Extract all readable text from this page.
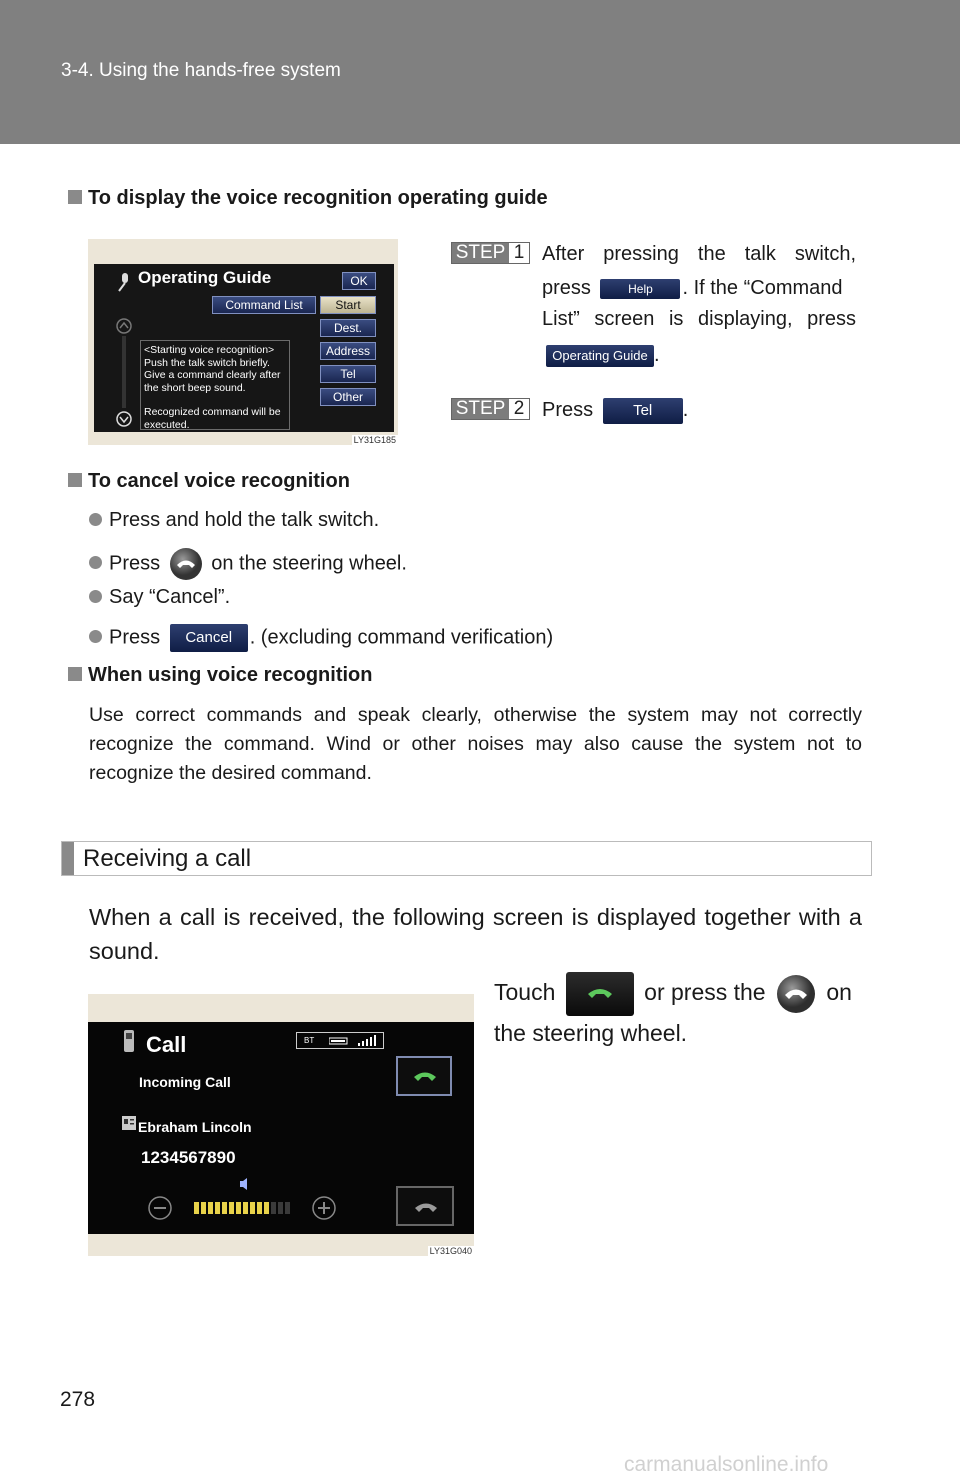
3-4. Using the hands-free system
To display the voice recognition operating guide
Operating Guide	OK
Command List	Start
Dest.
Address
Tel
Other
<Starting voice recognition>
Push the talk switch briefly.
Give a command clearly after
the short beep sound.
Recognized command will be
executed.
LY31G185
STEP 1 After pressing the talk switch,
press	Help . If the “Command
List” screen is displaying, press
Operating Guide .
STEP 2 Press	Tel .
To cancel voice recognition
Press and hold the talk switch.
Press	on the steering wheel.
Say “Cancel”.
Press Cancel . (excluding command verification)
When using voice recognition
Use correct commands and speak clearly, otherwise the system may not correctly recognize the command. Wind or other noises may also cause the system not to recognize the desired command.
Receiving a call
When a call is received, the following screen is displayed together with a sound.
Touch	or press the	on
the steering wheel.
Call	BT
Incoming Call
Ebraham Lincoln
1234567890
LY31G040
278
carmanualsonline.info
